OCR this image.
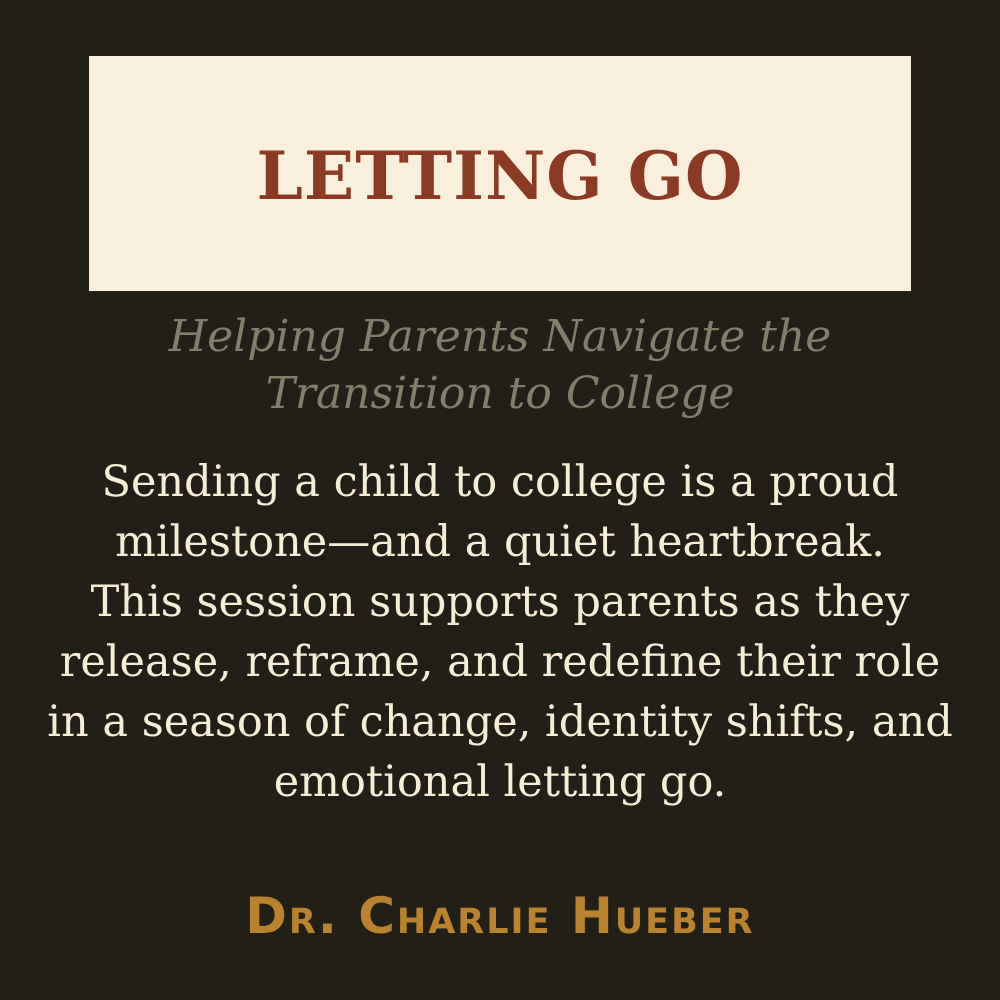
LETTING GO

Helping Parents Navigate the
Transition to College

Sending a child to college is a proud
milestone—and a quiet heartbreak.
This session supports parents as they
release, reframe, and redefine their role
in a season of change, identity shifts, and
emotional letting go.

Dr. Charlie Hueber
